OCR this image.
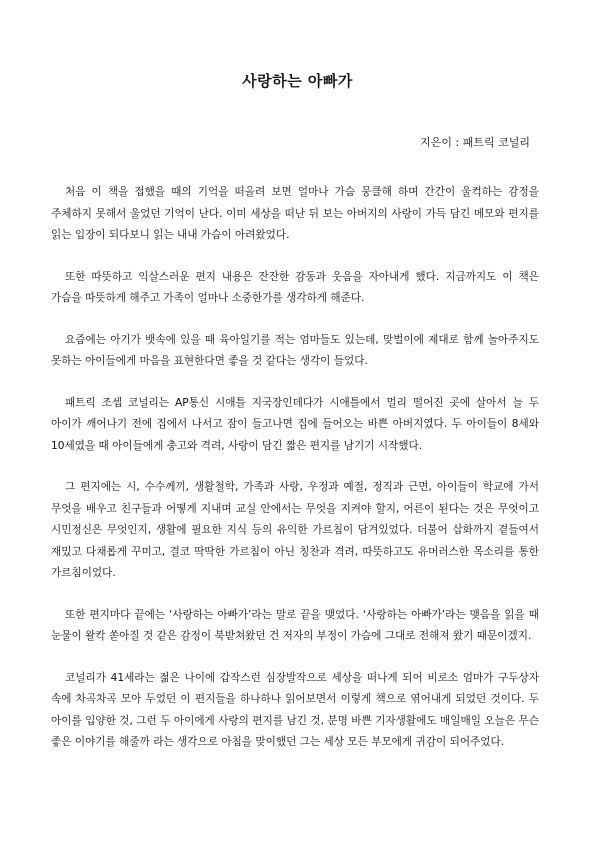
사랑하는 아빠가
지은이 : 패트릭 코널리

처음 이 책을 접했을 때의 기억을 떠올려 보면 얼마나 가슴 뭉클해 하며 간간이 울컥하는 감정을 주체하지 못해서 울었던 기억이 난다. 이미 세상을 떠난 뒤 보는 아버지의 사랑이 가득 담긴 메모와 편지를 읽는 입장이 되다보니 읽는 내내 가슴이 아려왔었다.

또한 따뜻하고 익살스러운 편지 내용은 잔잔한 감동과 웃음을 자아내게 했다. 지금까지도 이 책은 가슴을 따뜻하게 해주고 가족이 얼마나 소중한가를 생각하게 해준다.

요즘에는 아기가 뱃속에 있을 때 육아일기를 적는 엄마들도 있는데, 맞벌이에 제대로 함께 놀아주지도 못하는 아이들에게 마음을 표현한다면 좋을 것 같다는 생각이 들었다.

패트릭 조셉 코널리는 AP통신 시애틀 지국장인데다가 시애틀에서 멀리 떨어진 곳에 살아서 늘 두 아이가 깨어나기 전에 집에서 나서고 잠이 들고나면 집에 들어오는 바쁜 아버지였다. 두 아이들이 8세와 10세였을 때 아이들에게 충고와 격려, 사랑이 담긴 짧은 편지를 남기기 시작했다.

그 편지에는 시, 수수께끼, 생활철학, 가족과 사랑, 우정과 예절, 정직과 근면, 아이들이 학교에 가서 무엇을 배우고 친구들과 어떻게 지내며 교실 안에서는 무엇을 지켜야 할지, 어른이 된다는 것은 무엇이고 시민정신은 무엇인지, 생활에 필요한 지식 등의 유익한 가르침이 담겨있었다. 더불어 삽화까지 곁들여서 재밌고 다채롭게 꾸미고, 결코 딱딱한 가르침이 아닌 칭찬과 격려, 따뜻하고도 유머러스한 목소리를 통한 가르침이었다.

또한 편지마다 끝에는 ‘사랑하는 아빠가’라는 말로 끝을 맺었다. ‘사랑하는 아빠가’라는 맺음을 읽을 때 눈물이 왈칵 쏟아질 것 같은 감정이 북받쳐왔던 건 저자의 부정이 가슴에 그대로 전해져 왔기 때문이겠지.

코널리가 41세라는 젊은 나이에 갑작스런 심장발작으로 세상을 떠나게 되어 비로소 엄마가 구두상자 속에 차곡차곡 모아 두었던 이 편지들을 하나하나 읽어보면서 이렇게 책으로 엮어내게 되었던 것이다. 두 아이를 입양한 것, 그런 두 아이에게 사랑의 편지를 남긴 것, 분명 바쁜 기자생활에도 매일매일 오늘은 무슨 좋은 이야기를 해줄까 라는 생각으로 아침을 맞이했던 그는 세상 모든 부모에게 귀감이 되어주었다.
